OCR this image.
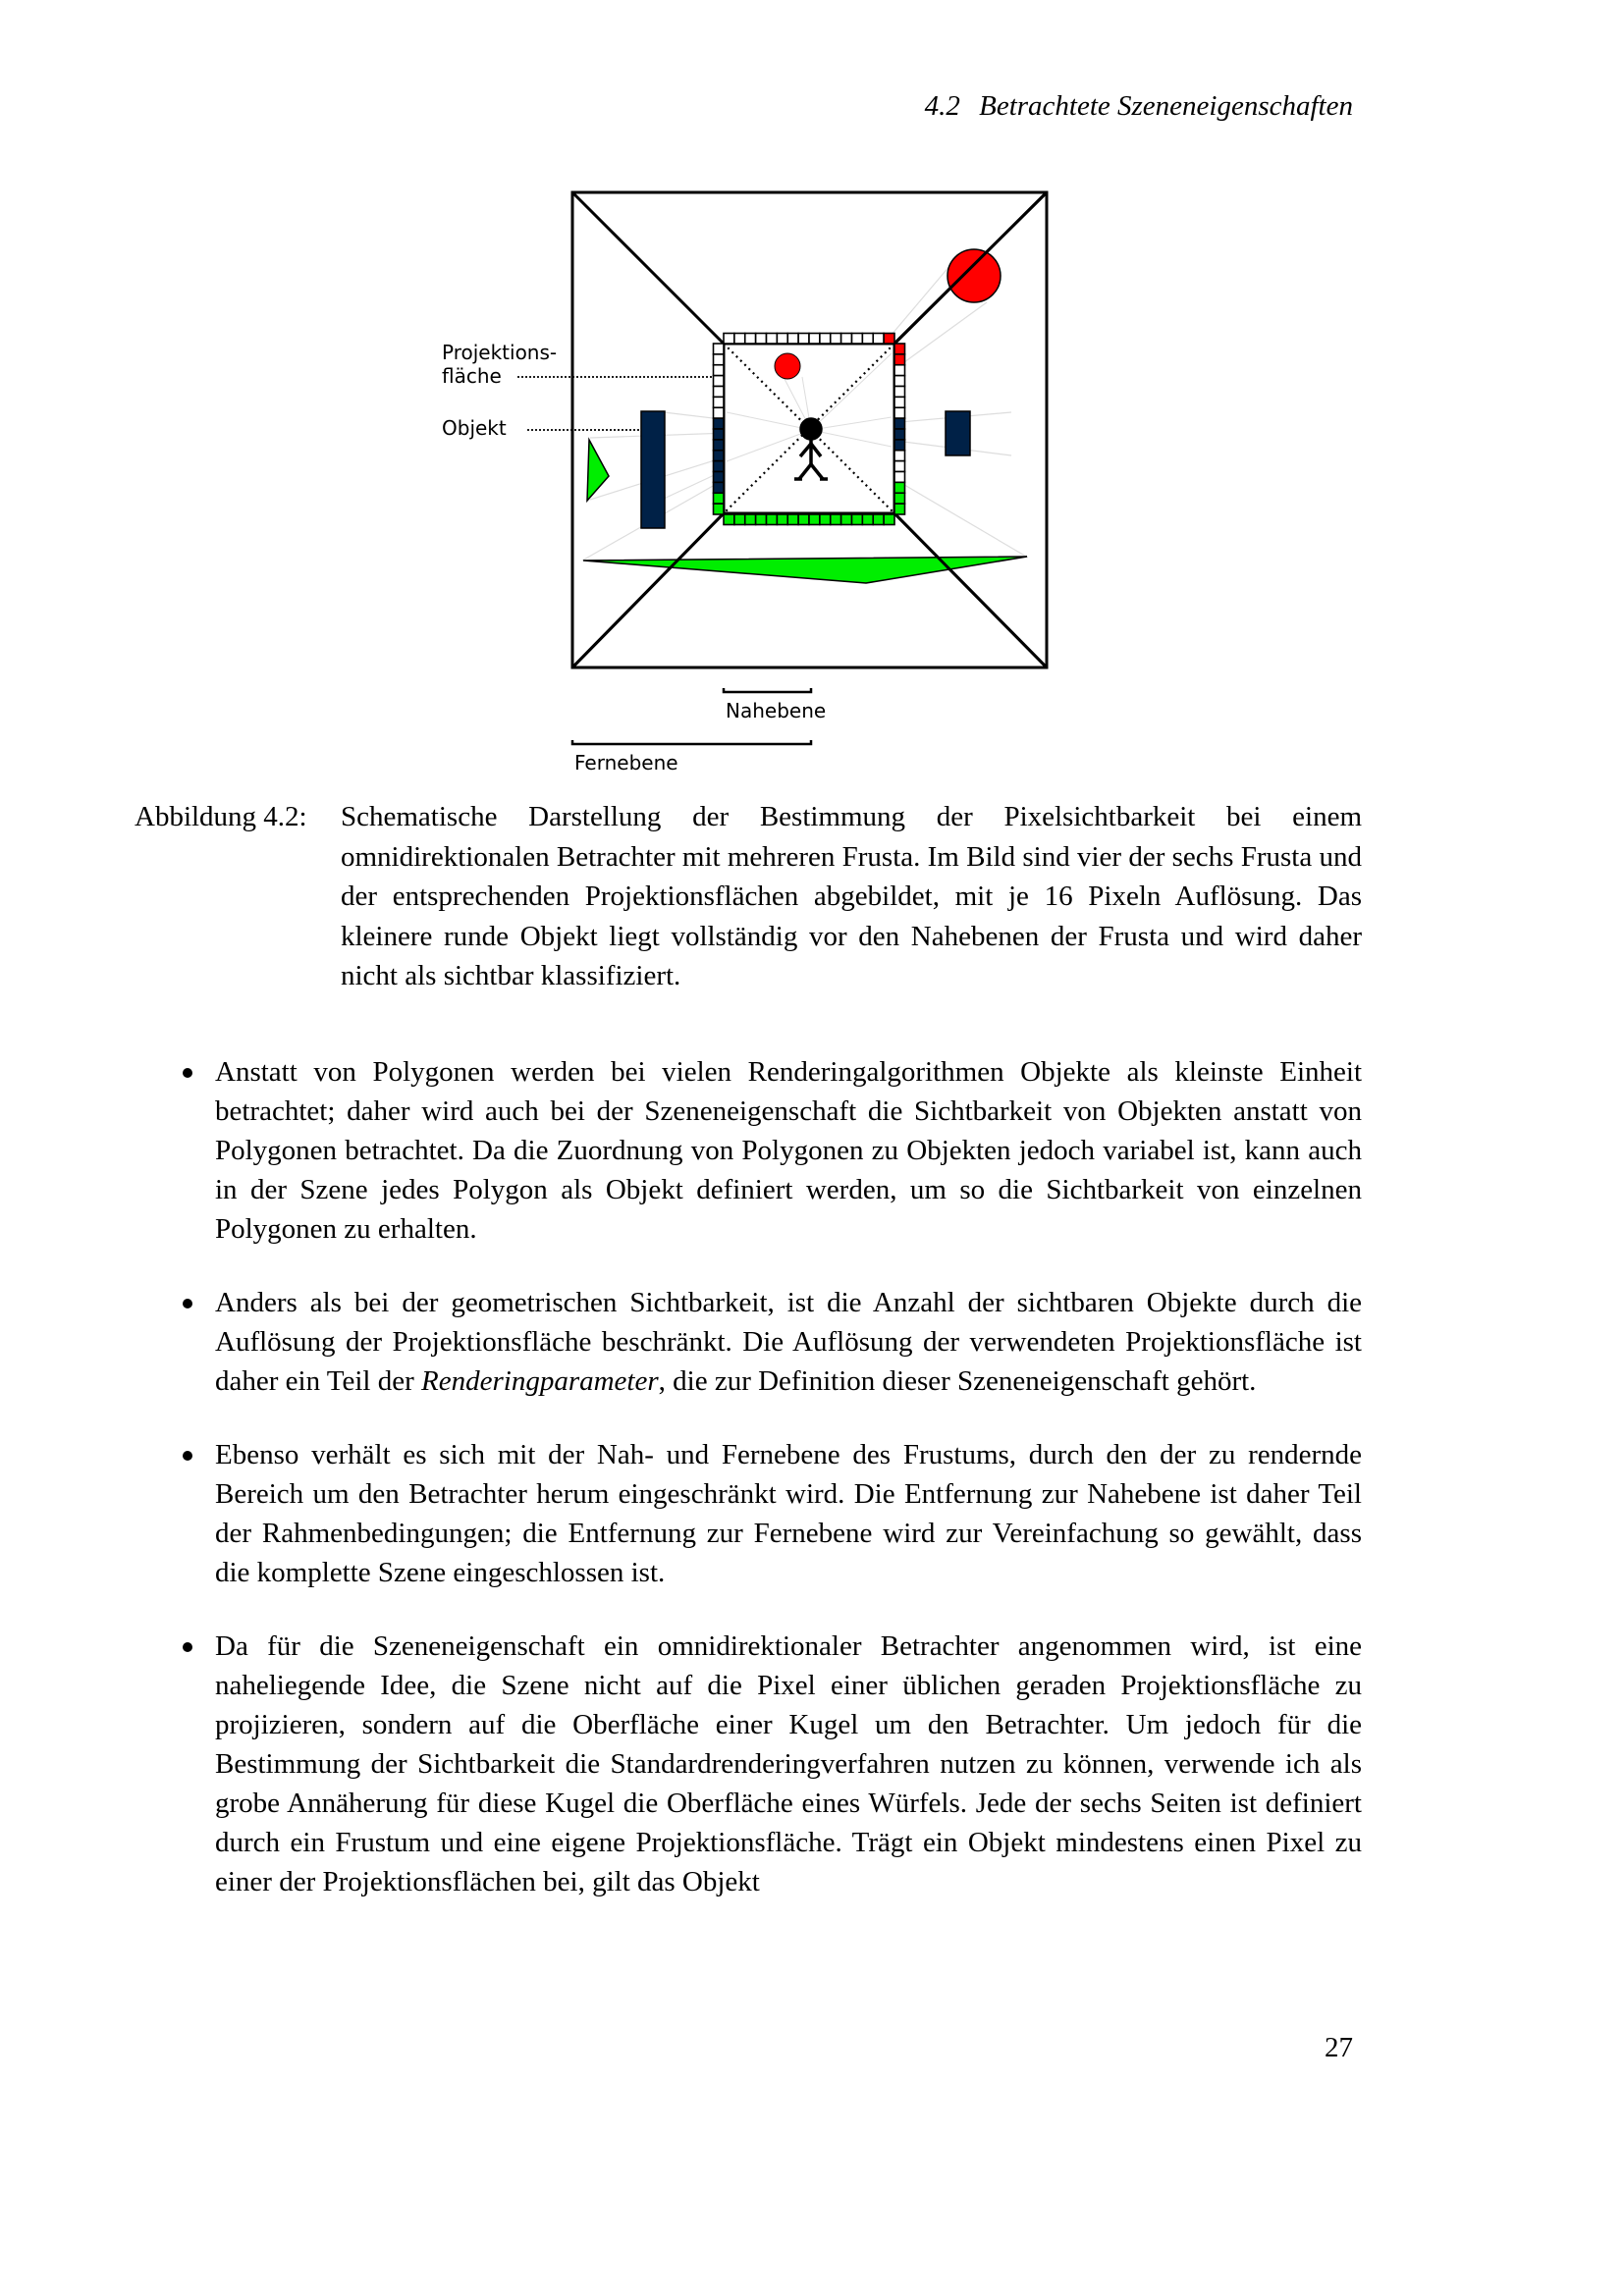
4.2 Betrachtete Szeneneigenschaften
Projektions-
fläche
Objekt
Nahebene
Fernebene
Abbildung 4.2: Schematische Darstellung der Bestimmung der Pixelsichtbarkeit bei einem omnidirektionalen Betrachter mit mehreren Frusta. Im Bild sind vier der sechs Frusta und der entsprechenden Projektionsflächen abgebildet, mit je 16 Pixeln Auflösung. Das kleinere runde Objekt liegt vollständig vor den Nahebenen der Frusta und wird daher nicht als sichtbar klassifiziert.
Anstatt von Polygonen werden bei vielen Renderingalgorithmen Objekte als kleinste Einheit betrachtet; daher wird auch bei der Szeneneigenschaft die Sichtbarkeit von Objekten anstatt von Polygonen betrachtet. Da die Zuordnung von Polygonen zu Objekten jedoch variabel ist, kann auch in der Szene jedes Polygon als Objekt definiert werden, um so die Sichtbarkeit von einzelnen Polygonen zu erhalten.
Anders als bei der geometrischen Sichtbarkeit, ist die Anzahl der sichtbaren Objekte durch die Auflösung der Projektionsfläche beschränkt. Die Auflösung der verwendeten Projektionsfläche ist daher ein Teil der Renderingparameter, die zur Definition dieser Szeneneigenschaft gehört.
Ebenso verhält es sich mit der Nah- und Fernebene des Frustums, durch den der zu rendernde Bereich um den Betrachter herum eingeschränkt wird. Die Entfernung zur Nahebene ist daher Teil der Rahmenbedingungen; die Entfernung zur Fernebene wird zur Vereinfachung so gewählt, dass die komplette Szene eingeschlossen ist.
Da für die Szeneneigenschaft ein omnidirektionaler Betrachter angenommen wird, ist eine naheliegende Idee, die Szene nicht auf die Pixel einer üblichen geraden Projektionsfläche zu projizieren, sondern auf die Oberfläche einer Kugel um den Betrachter. Um jedoch für die Bestimmung der Sichtbarkeit die Standardrenderingverfahren nutzen zu können, verwende ich als grobe Annäherung für diese Kugel die Oberfläche eines Würfels. Jede der sechs Seiten ist definiert durch ein Frustum und eine eigene Projektionsfläche. Trägt ein Objekt mindestens einen Pixel zu einer der Projektionsflächen bei, gilt das Objekt
27
